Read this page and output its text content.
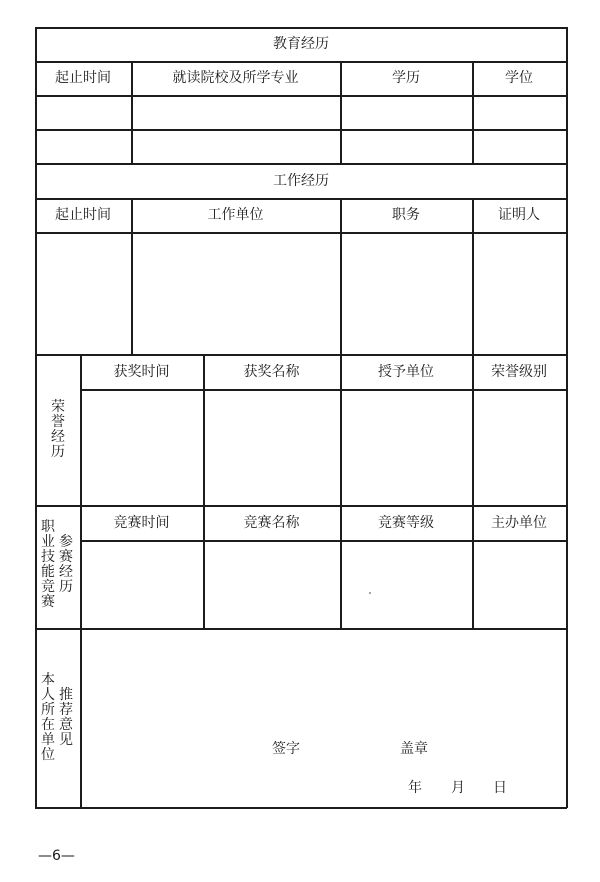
教育经历
起止时间	就读院校及所学专业	学历	学位
工作经历
起止时间	工作单位	职务	证明人
荣誉经历
获奖时间	获奖名称	授予单位	荣誉级别
职业技能竞赛
参赛经历
竞赛时间	竞赛名称	竞赛等级	主办单位
本人所在单位
推荐意见
签字	盖章
年 月 日
—6—
